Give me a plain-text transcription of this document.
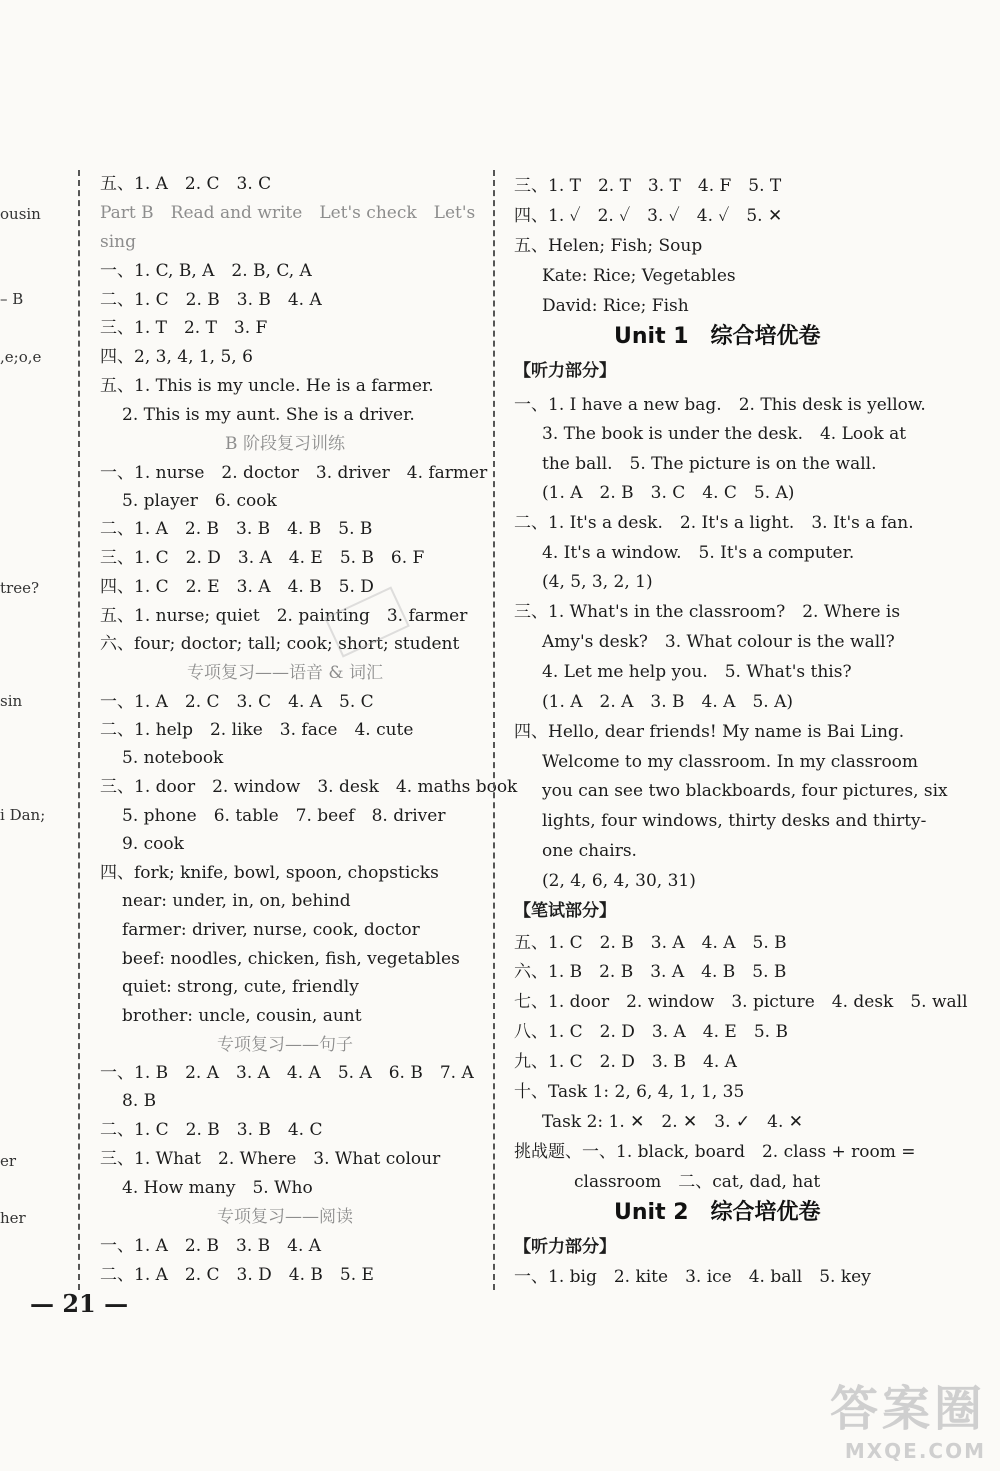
ousin
– B
,e;o,e
tree?
sin
i Dan;
er
her
五、1. A　2. C　3. C
Part B　Read and write　Let's check　Let's
sing
一、1. C, B, A　2. B, C, A
二、1. C　2. B　3. B　4. A
三、1. T　2. T　3. F
四、2, 3, 4, 1, 5, 6
五、1. This is my uncle. He is a farmer.
2. This is my aunt. She is a driver.
B 阶段复习训练
一、1. nurse　2. doctor　3. driver　4. farmer
5. player　6. cook
二、1. A　2. B　3. B　4. B　5. B
三、1. C　2. D　3. A　4. E　5. B　6. F
四、1. C　2. E　3. A　4. B　5. D
五、1. nurse; quiet　2. painting　3. farmer
六、four; doctor; tall; cook; short; student
专项复习——语音 & 词汇
一、1. A　2. C　3. C　4. A　5. C
二、1. help　2. like　3. face　4. cute
5. notebook
三、1. door　2. window　3. desk　4. maths book
5. phone　6. table　7. beef　8. driver
9. cook
四、fork; knife, bowl, spoon, chopsticks
near: under, in, on, behind
farmer: driver, nurse, cook, doctor
beef: noodles, chicken, fish, vegetables
quiet: strong, cute, friendly
brother: uncle, cousin, aunt
专项复习——句子
一、1. B　2. A　3. A　4. A　5. A　6. B　7. A
8. B
二、1. C　2. B　3. B　4. C
三、1. What　2. Where　3. What colour
4. How many　5. Who
专项复习——阅读
一、1. A　2. B　3. B　4. A
二、1. A　2. C　3. D　4. B　5. E
三、1. T　2. T　3. T　4. F　5. T
四、1. ✓　2. ✓　3. ✓　4. ✓　5. ✕
五、Helen; Fish; Soup
Kate: Rice; Vegetables
David: Rice; Fish
Unit 1　综合培优卷
【听力部分】
一、1. I have a new bag.　2. This desk is yellow.
3. The book is under the desk.　4. Look at
the ball.　5. The picture is on the wall.
(1. A　2. B　3. C　4. C　5. A)
二、1. It's a desk.　2. It's a light.　3. It's a fan.
4. It's a window.　5. It's a computer.
(4, 5, 3, 2, 1)
三、1. What's in the classroom?　2. Where is
Amy's desk?　3. What colour is the wall?
4. Let me help you.　5. What's this?
(1. A　2. A　3. B　4. A　5. A)
四、Hello, dear friends! My name is Bai Ling.
Welcome to my classroom. In my classroom
you can see two blackboards, four pictures, six
lights, four windows, thirty desks and thirty-
one chairs.
(2, 4, 6, 4, 30, 31)
【笔试部分】
五、1. C　2. B　3. A　4. A　5. B
六、1. B　2. B　3. A　4. B　5. B
七、1. door　2. window　3. picture　4. desk　5. wall
八、1. C　2. D　3. A　4. E　5. B
九、1. C　2. D　3. B　4. A
十、Task 1: 2, 6, 4, 1, 1, 35
Task 2: 1. ✕　2. ✕　3. ✓　4. ✕
挑战题、一、1. black, board　2. class + room =
classroom　二、cat, dad, hat
Unit 2　综合培优卷
【听力部分】
一、1. big　2. kite　3. ice　4. ball　5. key
— 21 —
答案圈
MXQE.COM
